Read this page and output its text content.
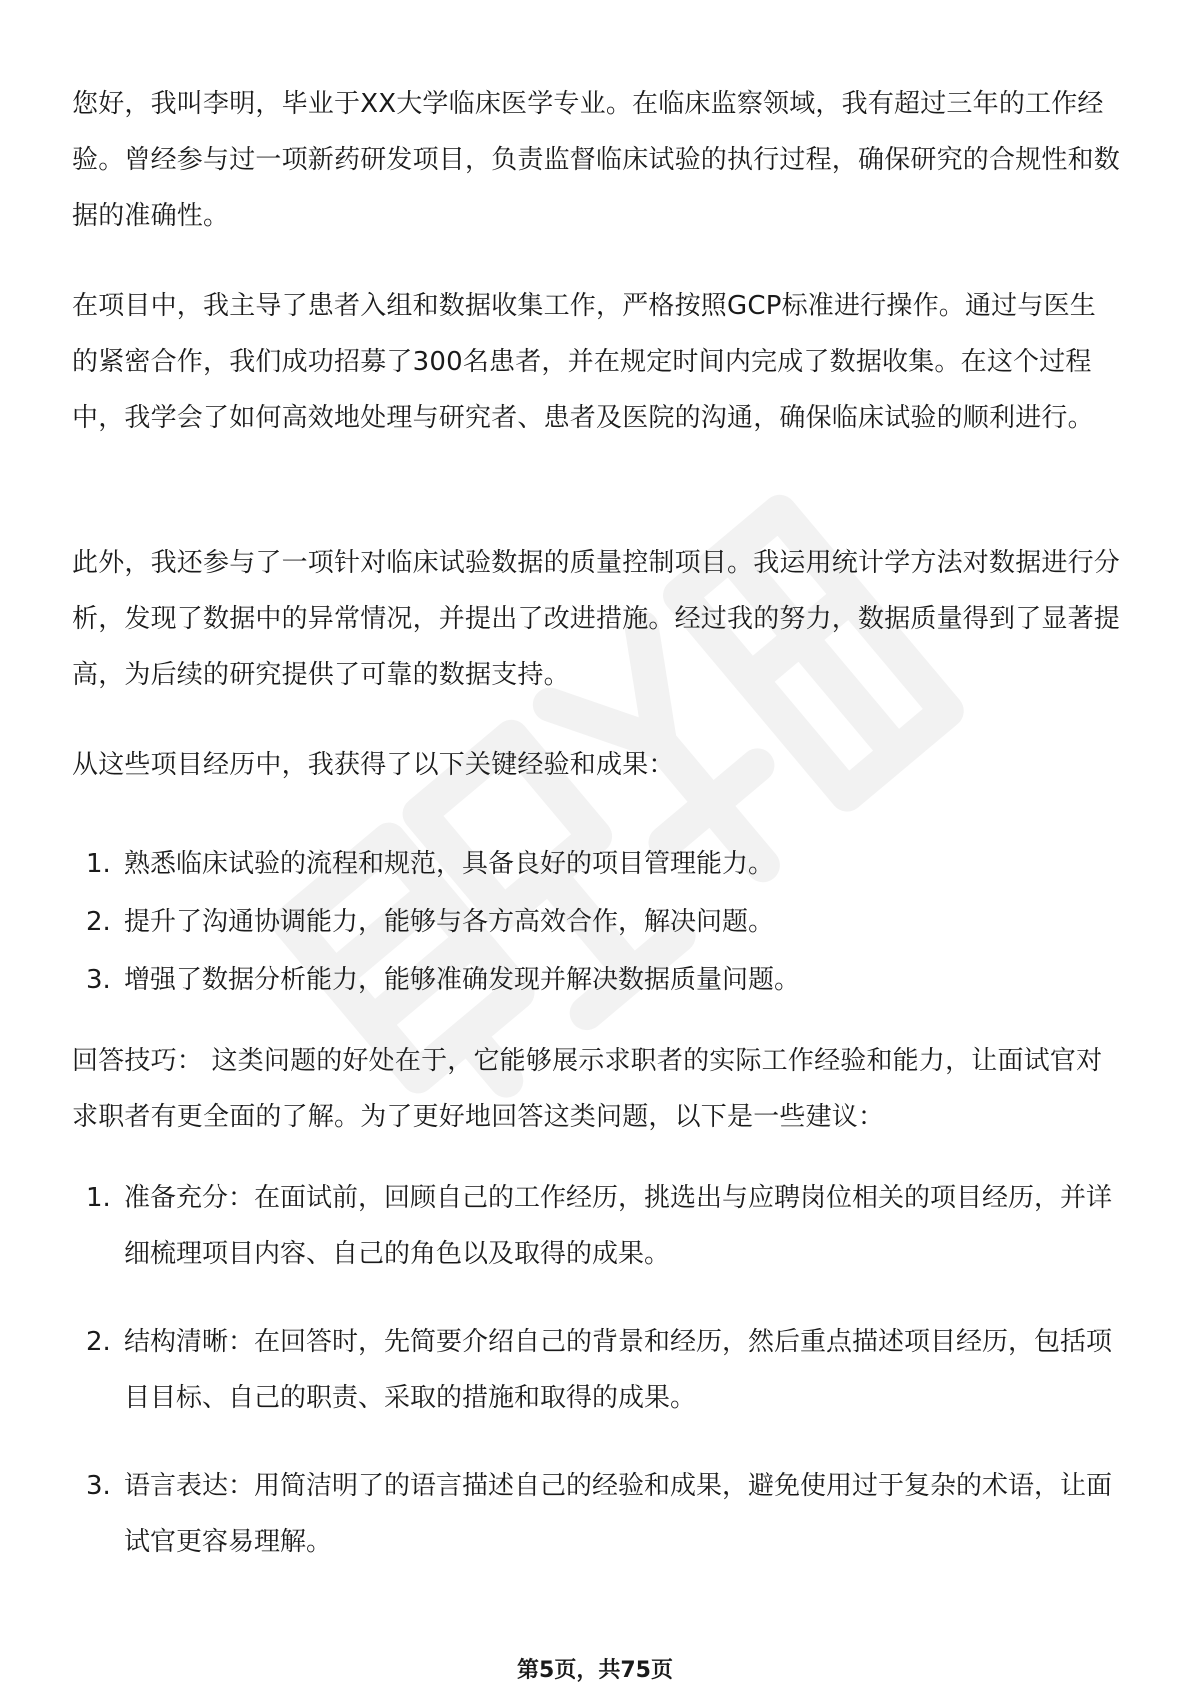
您好，我叫李明，毕业于XX大学临床医学专业。在临床监察领域，我有超过三年的工作经验。曾经参与过一项新药研发项目，负责监督临床试验的执行过程，确保研究的合规性和数据的准确性。

在项目中，我主导了患者入组和数据收集工作，严格按照GCP标准进行操作。通过与医生的紧密合作，我们成功招募了300名患者，并在规定时间内完成了数据收集。在这个过程中，我学会了如何高效地处理与研究者、患者及医院的沟通，确保临床试验的顺利进行。

此外，我还参与了一项针对临床试验数据的质量控制项目。我运用统计学方法对数据进行分析，发现了数据中的异常情况，并提出了改进措施。经过我的努力，数据质量得到了显著提高，为后续的研究提供了可靠的数据支持。

从这些项目经历中，我获得了以下关键经验和成果：

1. 熟悉临床试验的流程和规范，具备良好的项目管理能力。
2. 提升了沟通协调能力，能够与各方高效合作，解决问题。
3. 增强了数据分析能力，能够准确发现并解决数据质量问题。

回答技巧： 这类问题的好处在于，它能够展示求职者的实际工作经验和能力，让面试官对求职者有更全面的了解。为了更好地回答这类问题，以下是一些建议：

1. 准备充分：在面试前，回顾自己的工作经历，挑选出与应聘岗位相关的项目经历，并详细梳理项目内容、自己的角色以及取得的成果。
2. 结构清晰：在回答时，先简要介绍自己的背景和经历，然后重点描述项目经历，包括项目目标、自己的职责、采取的措施和取得的成果。
3. 语言表达：用简洁明了的语言描述自己的经验和成果，避免使用过于复杂的术语，让面试官更容易理解。
第5页，共75页
